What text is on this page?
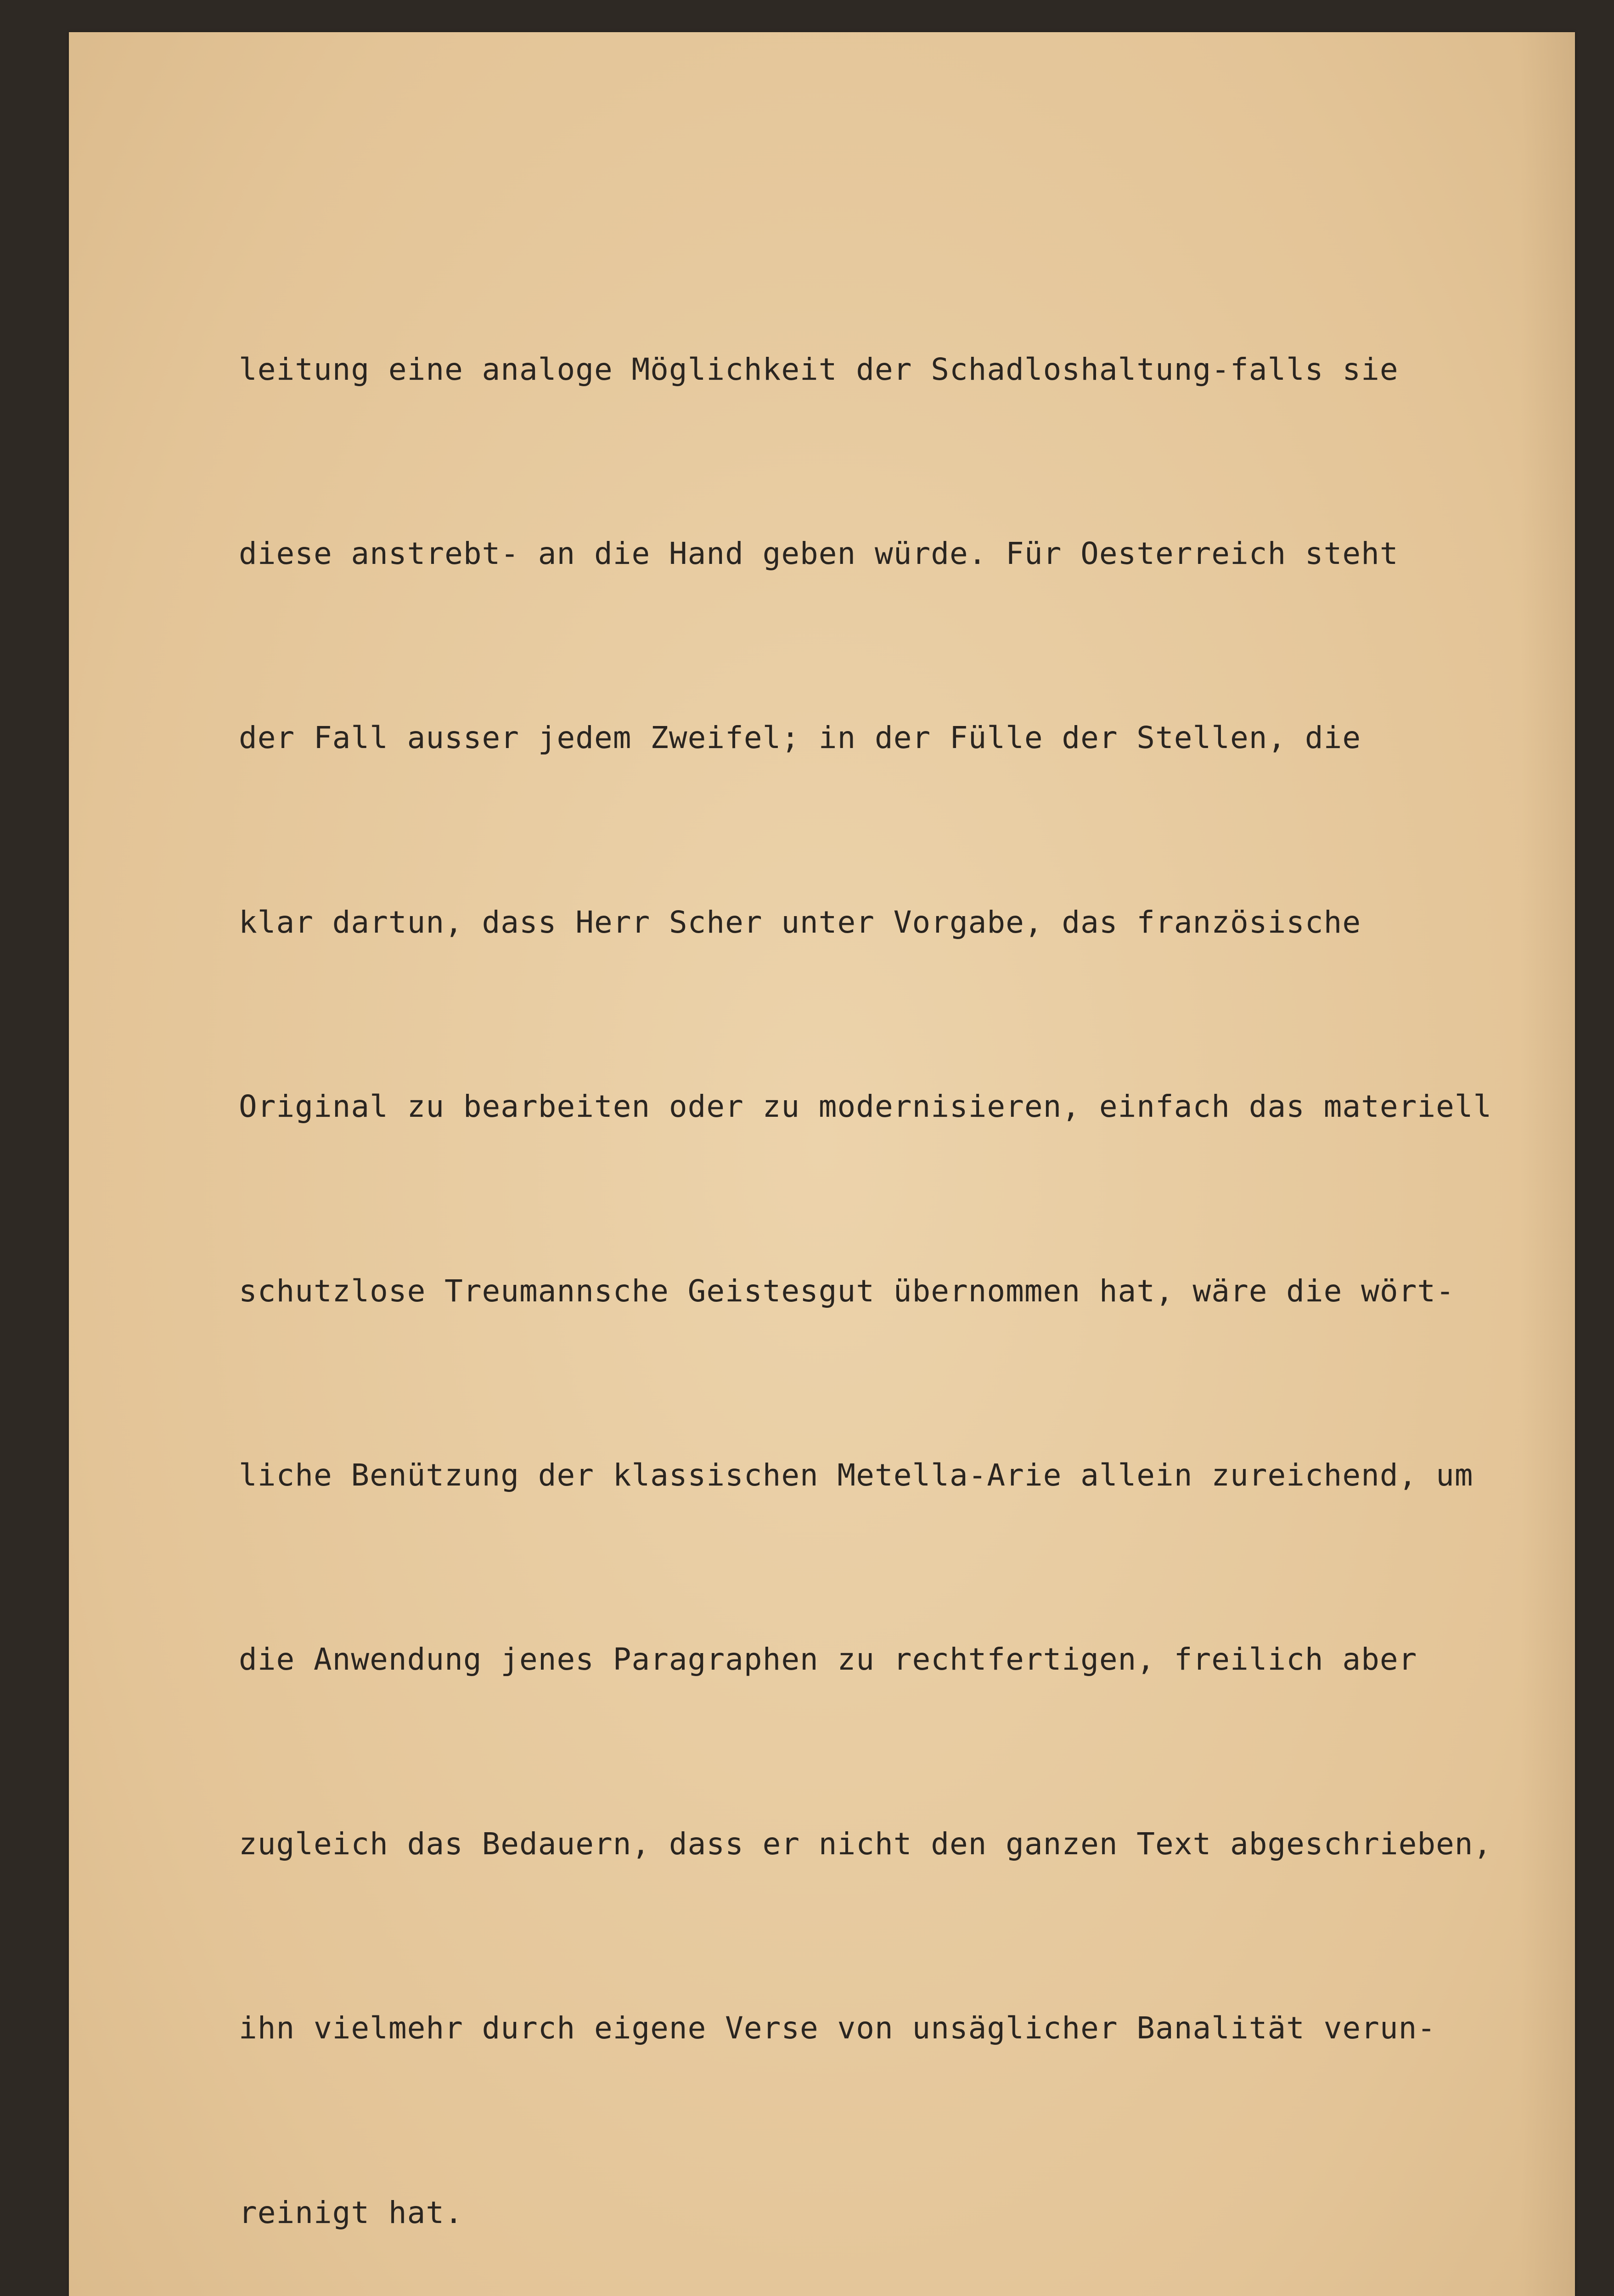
leitung eine analoge Möglichkeit der Schadloshaltung-falls sie

diese anstrebt- an die Hand geben würde. Für Oesterreich steht

der Fall ausser jedem Zweifel; in der Fülle der Stellen, die

klar dartun, dass Herr Scher unter Vorgabe, das französische

Original zu bearbeiten oder zu modernisieren, einfach das materiell

schutzlose Treumannsche Geistesgut übernommen hat, wäre die wört-

liche Benützung der klassischen Metella-Arie allein zureichend, um

die Anwendung jenes Paragraphen zu rechtfertigen, freilich aber

zugleich das Bedauern, dass er nicht den ganzen Text abgeschrieben,

ihn vielmehr durch eigene Verse von unsäglicher Banalität verun-

reinigt hat.
